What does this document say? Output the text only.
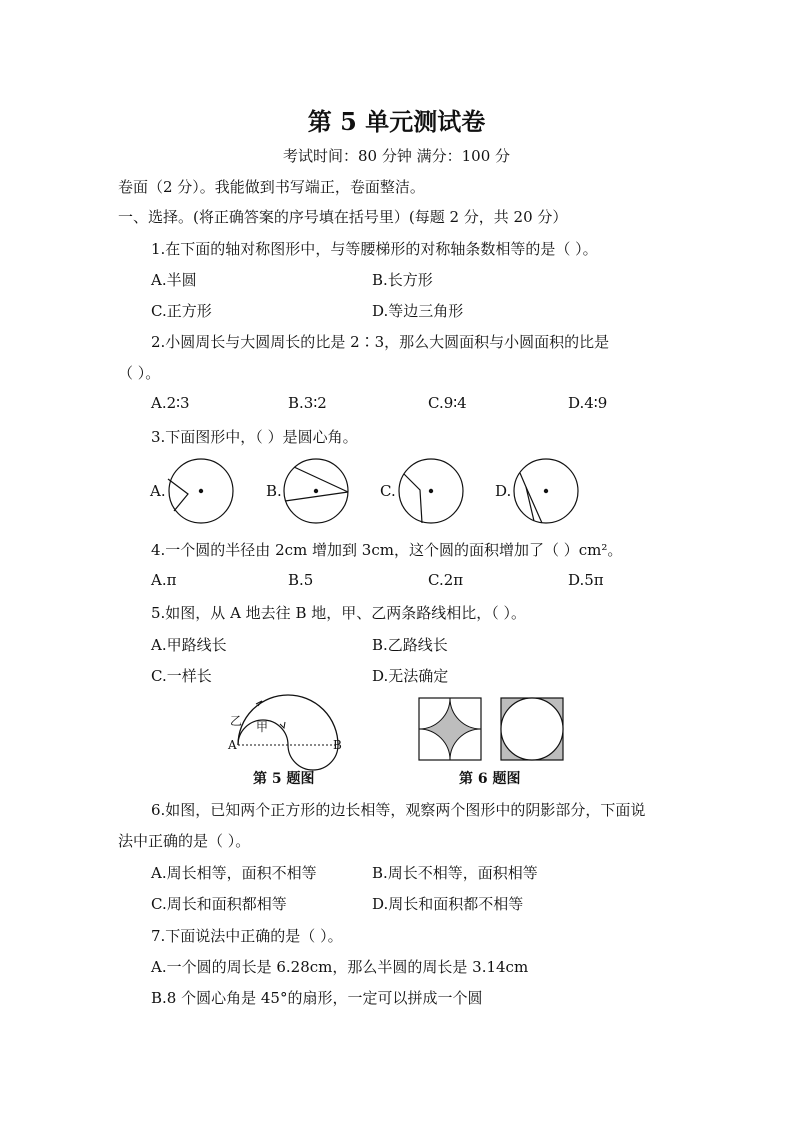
第 5 单元测试卷
考试时间：80 分钟 满分：100 分
卷面（2 分）。我能做到书写端正，卷面整洁。
一、选择。(将正确答案的序号填在括号里）(每题 2 分，共 20 分）
1.在下面的轴对称图形中，与等腰梯形的对称轴条数相等的是（ ）。
A.半圆	B.长方形
C.正方形	D.等边三角形
2.小圆周长与大圆周长的比是 2∶3，那么大圆面积与小圆面积的比是
（ ）。
A.2∶3	B.3∶2	C.9∶4	D.4∶9
3.下面图形中，（ ）是圆心角。
A.	B.	C.	D.
4.一个圆的半径由 2cm 增加到 3cm，这个圆的面积增加了（ ）cm²。
A.π	B.5	C.2π	D.5π
5.如图，从 A 地去往 B 地，甲、乙两条路线相比，（ ）。
A.甲路线长	B.乙路线长
C.一样长	D.无法确定
乙 甲
A	B
第 5 题图	第 6 题图
6.如图，已知两个正方形的边长相等，观察两个图形中的阴影部分，下面说
法中正确的是（ ）。
A.周长相等，面积不相等	B.周长不相等，面积相等
C.周长和面积都相等	D.周长和面积都不相等
7.下面说法中正确的是（ ）。
A.一个圆的周长是 6.28cm，那么半圆的周长是 3.14cm
B.8 个圆心角是 45°的扇形，一定可以拼成一个圆
